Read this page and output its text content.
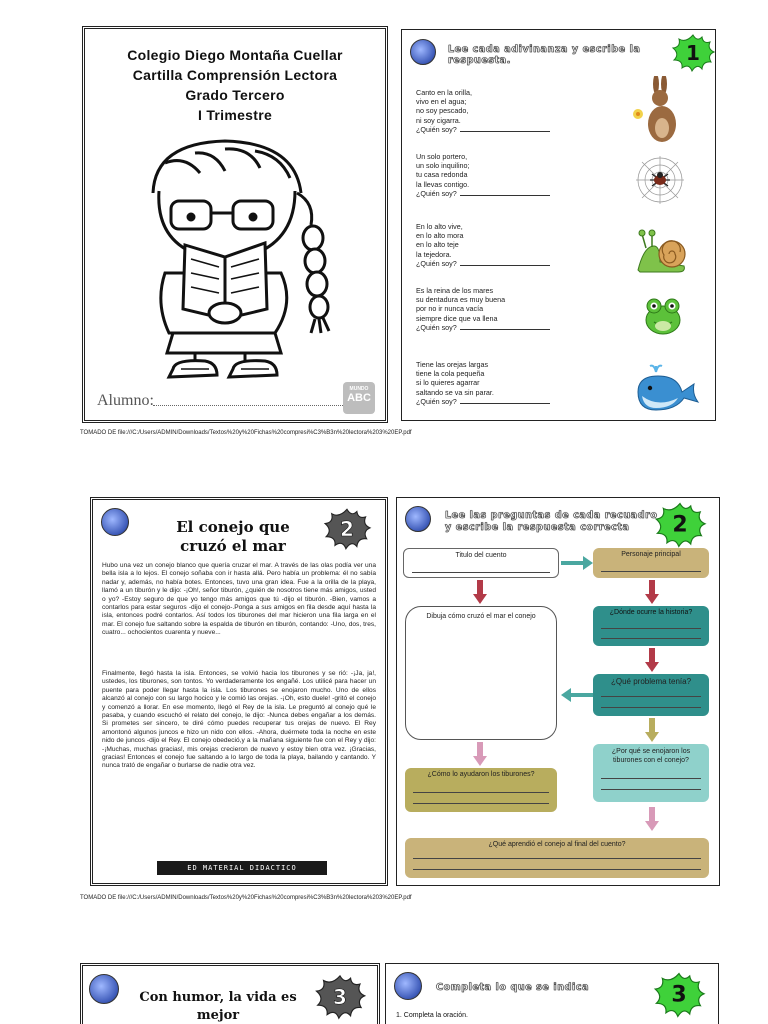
Colegio Diego Montaña Cuellar
Cartilla Comprensión Lectora
Grado Tercero
I Trimestre
Alumno:
MUNDO
ABC
Lee cada adivinanza y escribe la respuesta.	1
Canto en la orilla,
vivo en el agua;
no soy pescado,
ni soy cigarra.
¿Quién soy?
Un solo portero,
un solo inquilino;
tu casa redonda
la llevas contigo.
¿Quién soy?
En lo alto vive,
en lo alto mora
en lo alto teje
la tejedora.
¿Quién soy?
Es la reina de los mares
su dentadura es muy buena
por no ir nunca vacía
siempre dice que va llena
¿Quién soy?
Tiene las orejas largas
tiene la cola pequeña
si lo quieres agarrar
saltando se va sin parar.
¿Quién soy?
TOMADO DE file:///C:/Users/ADMIN/Downloads/Textos%20y%20Fichas%20compresi%C3%B3n%20lectora%203%20EP.pdf
El conejo que
cruzó el mar
2
Hubo una vez un conejo blanco que quería cruzar el mar. A través de las olas podía ver una bella isla a lo lejos. El conejo soñaba con ir hasta allá. Pero había un problema: él no sabía nadar y, además, no había botes. Entonces, tuvo una gran idea. Fue a la orilla de la playa, llamó a un tiburón y le dijo: -¡Oh!, señor tiburón, ¿quién de nosotros tiene más amigos, usted o yo? -Estoy seguro de que yo tengo más amigos que tú -dijo el tiburón. -Bien, vamos a contarlos para estar seguros -dijo el conejo-.Ponga a sus amigos en fila desde aquí hasta la isla, entonces podré contarlos. Así todos los tiburones del mar hicieron una fila larga en el mar. El conejo fue saltando sobre la espalda de tiburón en tiburón, contando: -Uno, dos, tres, cuatro... ochocientos cuarenta y nueve...
Finalmente, llegó hasta la isla. Entonces, se volvió hacia los tiburones y se rió: -¡Ja, ja!, ustedes, los tiburones, son tontos. Yo verdaderamente los engañé. Los utilicé para hacer un puente para poder llegar hasta la isla. Los tiburones se enojaron mucho. Uno de ellos alcanzó al conejo con su largo hocico y le comió las orejas. -¡Oh, esto duele! -gritó el conejo y comenzó a llorar. En ese momento, llegó el Rey de la isla. Le preguntó al conejo qué le pasaba, y cuando escuchó el relato del conejo, le dijo: -Nunca debes engañar a los demás. Si prometes ser sincero, te diré cómo puedes recuperar tus orejas de nuevo. El Rey amontonó algunos juncos e hizo un nido con ellos. -Ahora, duérmete toda la noche en este nido de juncos -dijo el Rey. El conejo obedeció,y a la mañana siguiente fue con el Rey y dijo: -¡Muchas, muchas gracias!, mis orejas crecieron de nuevo y estoy bien otra vez. ¡Gracias, gracias! Entonces el conejo fue saltando a lo largo de toda la playa, bailando y cantando. Y nunca trató de engañar o burlarse de nadie otra vez.
ED MATERIAL DIDACTICO
Lee las preguntas de cada recuadro
y escribe la respuesta correcta	2
Titulo del cuento	Personaje principal
Dibuja cómo cruzó el mar el conejo
¿Dónde ocurre la historia?
¿Qué problema tenía?
¿Por qué se enojaron los tiburones con el conejo?
¿Cómo lo ayudaron los tiburones?
¿Qué aprendió el conejo al final del cuento?
TOMADO DE file:///C:/Users/ADMIN/Downloads/Textos%20y%20Fichas%20compresi%C3%B3n%20lectora%203%20EP.pdf
Con humor, la vida es
mejor
3	Completa lo que se indica	3
1. Completa la oración.
